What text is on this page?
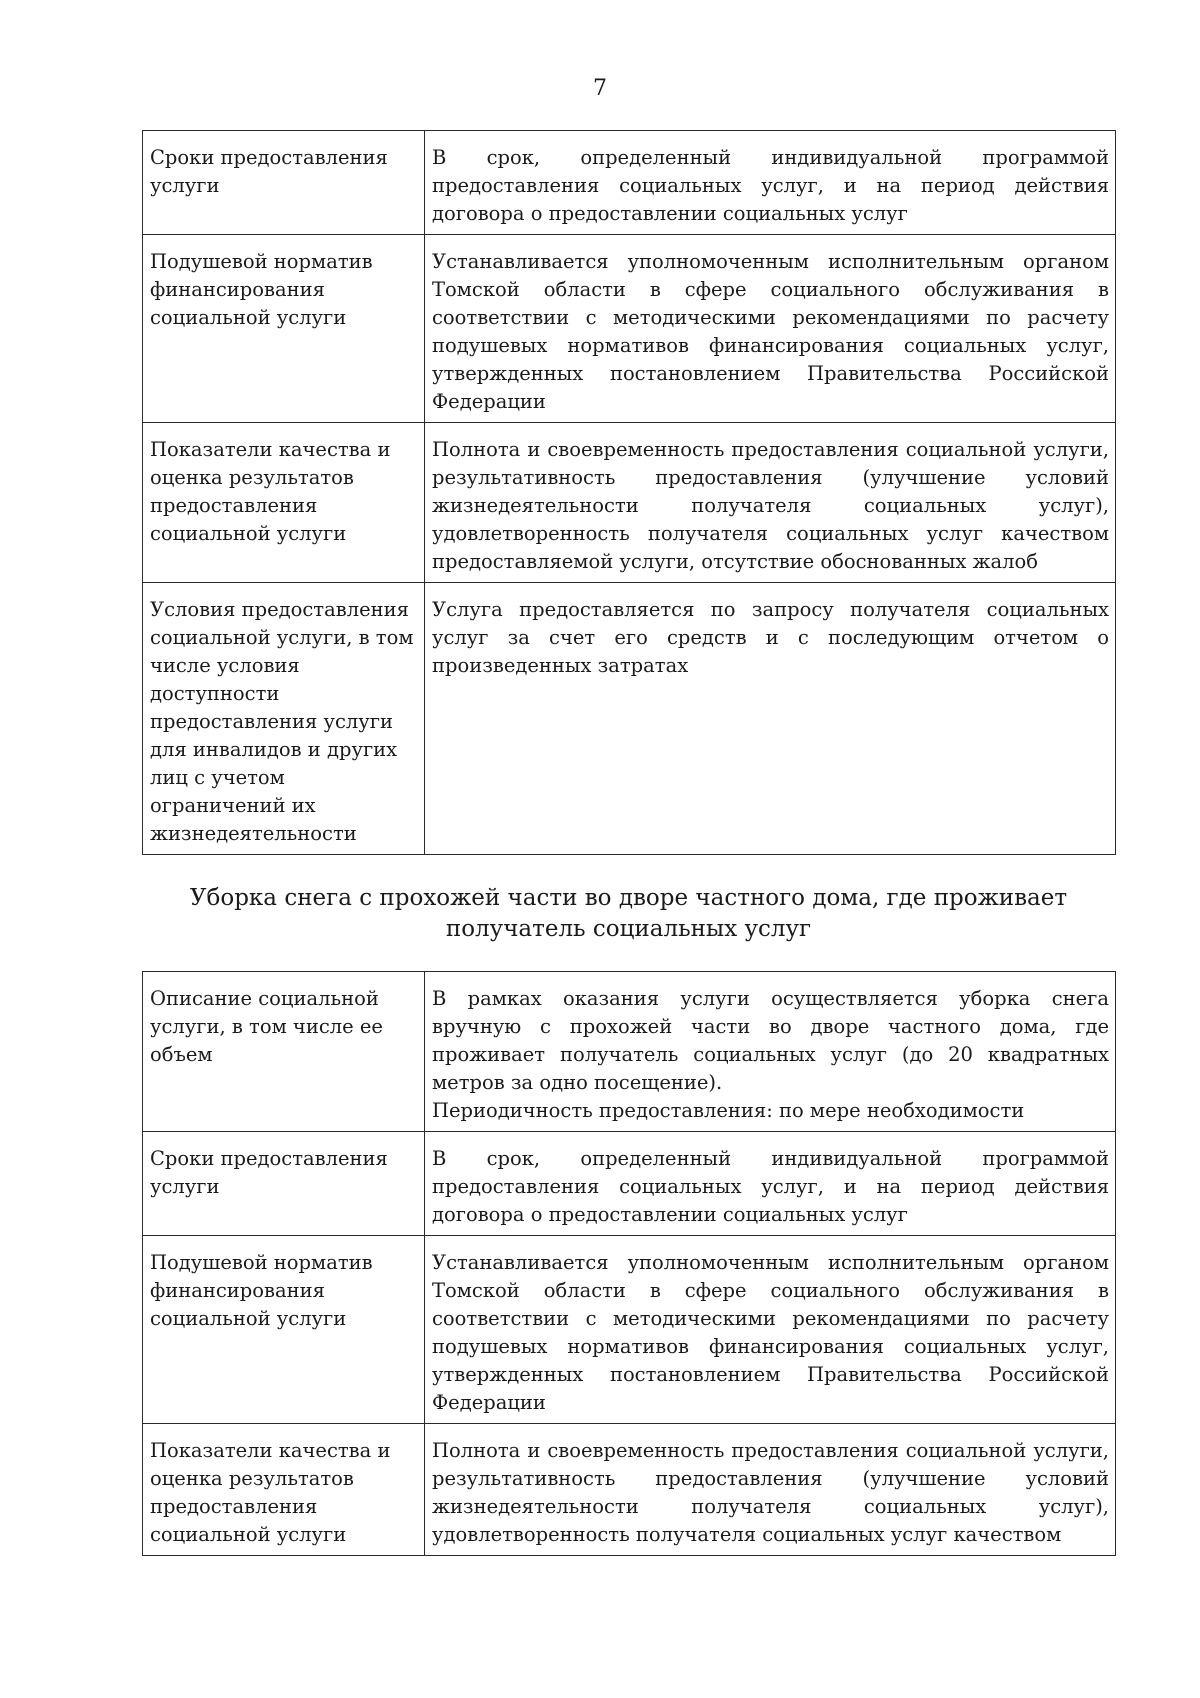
7
Сроки предоставления услуги	В срок, определенный индивидуальной программой предоставления социальных услуг, и на период действия договора о предоставлении социальных услуг

Подушевой норматив финансирования социальной услуги	Устанавливается уполномоченным исполнительным органом Томской области в сфере социального обслуживания в соответствии с методическими рекомендациями по расчету подушевых нормативов финансирования социальных услуг, утвержденных постановлением Правительства Российской Федерации

Показатели качества и оценка результатов предоставления социальной услуги	Полнота и своевременность предоставления социальной услуги, результативность предоставления (улучшение условий жизнедеятельности получателя социальных услуг), удовлетворенность получателя социальных услуг качеством предоставляемой услуги, отсутствие обоснованных жалоб

Условия предоставления социальной услуги, в том числе условия доступности предоставления услуги для инвалидов и других лиц с учетом ограничений их жизнедеятельности	Услуга предоставляется по запросу получателя социальных услуг за счет его средств и с последующим отчетом о произведенных затратах

Уборка снега с прохожей части во дворе частного дома, где проживает
получатель социальных услуг
Описание социальной услуги, в том числе ее объем	В рамках оказания услуги осуществляется уборка снега вручную с прохожей части во дворе частного дома, где проживает получатель социальных услуг (до 20 квадратных метров за одно посещение).

Периодичность предоставления: по мере необходимости

Сроки предоставления услуги	В срок, определенный индивидуальной программой предоставления социальных услуг, и на период действия договора о предоставлении социальных услуг

Подушевой норматив финансирования социальной услуги	Устанавливается уполномоченным исполнительным органом Томской области в сфере социального обслуживания в соответствии с методическими рекомендациями по расчету подушевых нормативов финансирования социальных услуг, утвержденных постановлением Правительства Российской Федерации

Показатели качества и оценка результатов предоставления социальной услуги	Полнота и своевременность предоставления социальной услуги, результативность предоставления (улучшение условий жизнедеятельности получателя социальных услуг), удовлетворенность получателя социальных услуг качеством
